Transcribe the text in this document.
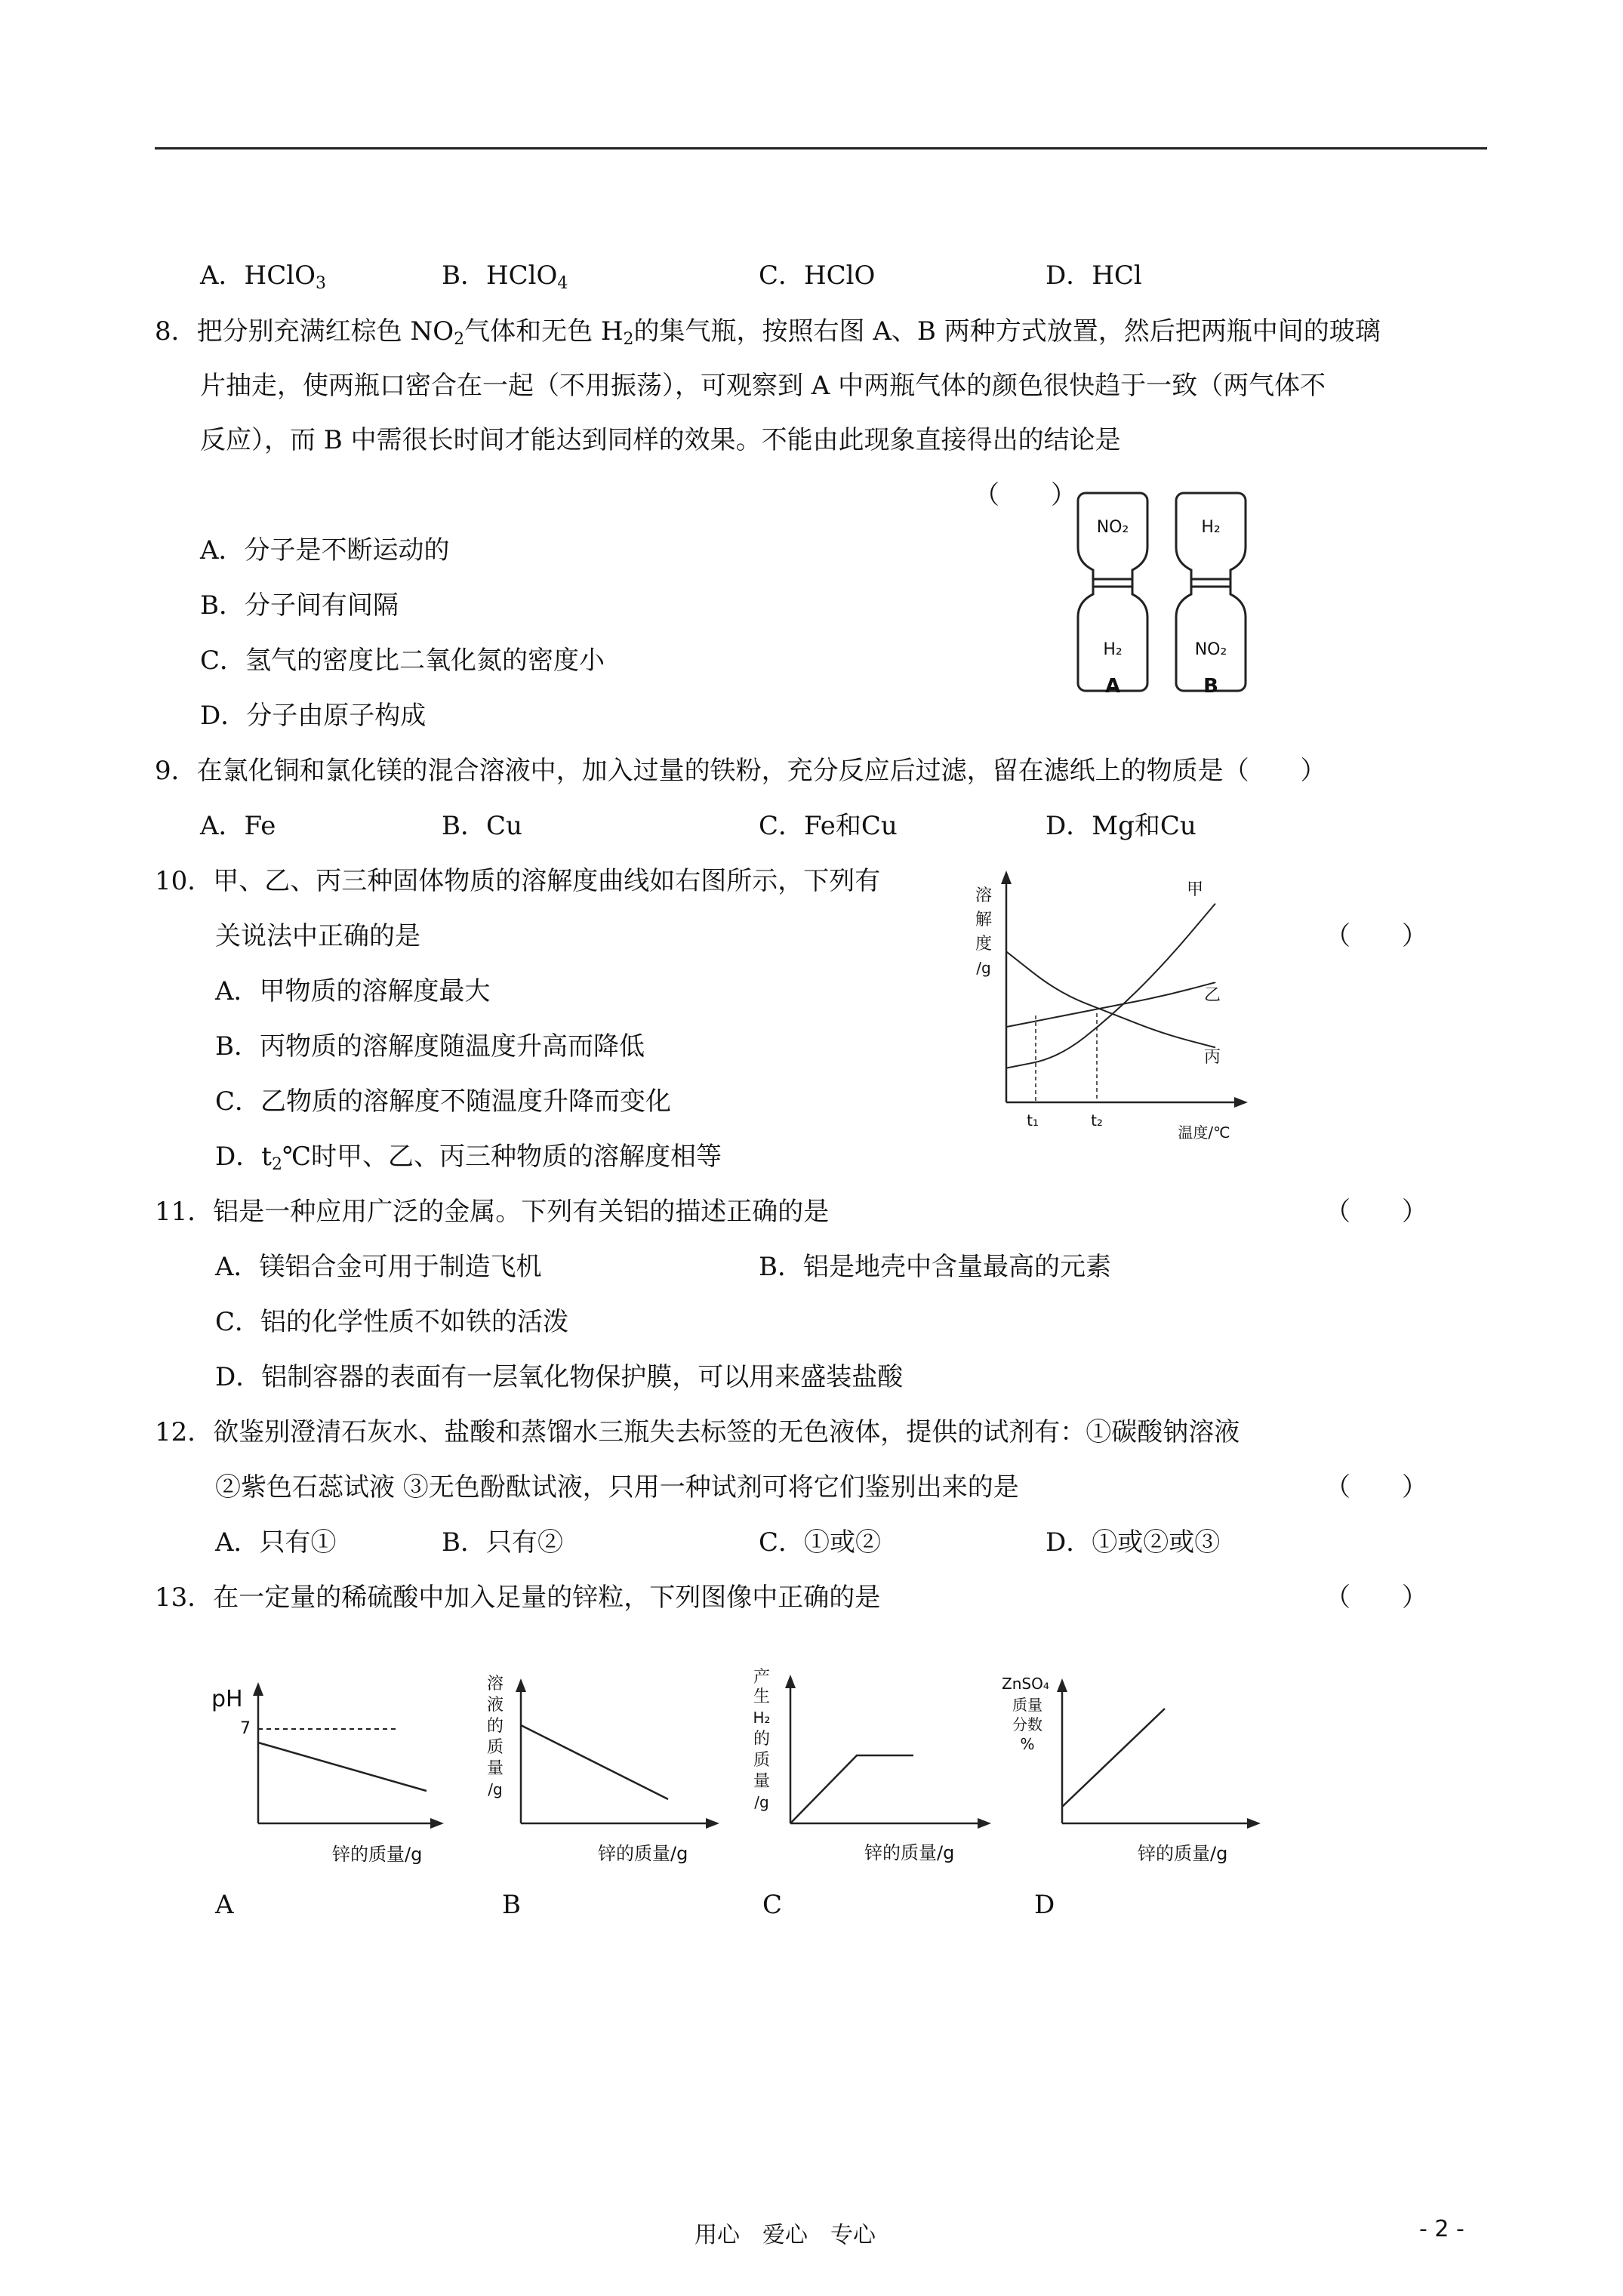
A．HClO$_3$	B．HClO$_4$	C．HClO	D．HCl
8．把分别充满红棕色 $NO_2$气体和无色 $H_2$的集气瓶，按照右图 A、B 两种方式放置，然后把两瓶中间的玻璃
片抽走，使两瓶口密合在一起（不用振荡），可观察到 A 中两瓶气体的颜色很快趋于一致（两气体不
反应），而 B 中需很长时间才能达到同样的效果。不能由此现象直接得出的结论是
（　　）
A．分子是不断运动的
B．分子间有间隔
C．氢气的密度比二氧化氮的密度小
D．分子由原子构成
NO₂
H₂
A
H₂
NO₂
B
9．在氯化铜和氯化镁的混合溶液中，加入过量的铁粉，充分反应后过滤，留在滤纸上的物质是（　　）
A．Fe	B．Cu	C．Fe和Cu	D．Mg和Cu
10．甲、乙、丙三种固体物质的溶解度曲线如右图所示，下列有
关说法中正确的是	（　　）
A．甲物质的溶解度最大
B．丙物质的溶解度随温度升高而降低
C．乙物质的溶解度不随温度升降而变化
D．$t_2℃$时甲、乙、丙三种物质的溶解度相等
溶
解
度
/g
t₁	t₂
温度/℃
甲
乙
丙
11．铝是一种应用广泛的金属。下列有关铝的描述正确的是	（　　）
A．镁铝合金可用于制造飞机	B．铝是地壳中含量最高的元素
C．铝的化学性质不如铁的活泼
D．铝制容器的表面有一层氧化物保护膜，可以用来盛装盐酸
12．欲鉴别澄清石灰水、盐酸和蒸馏水三瓶失去标签的无色液体，提供的试剂有：①碳酸钠溶液
②紫色石蕊试液 ③无色酚酞试液，只用一种试剂可将它们鉴别出来的是	（　　）
A．只有①	B．只有②	C．①或②	D．①或②或③
13．在一定量的稀硫酸中加入足量的锌粒，下列图像中正确的是	（　　）
pH
7
锌的质量/g
A
溶
液
的
质
量
/g
锌的质量/g
B
产
生
H₂
的
质
量
/g
锌的质量/g
C
ZnSO₄
质量
分数
%
锌的质量/g
D
用心　爱心　专心	- 2 -
